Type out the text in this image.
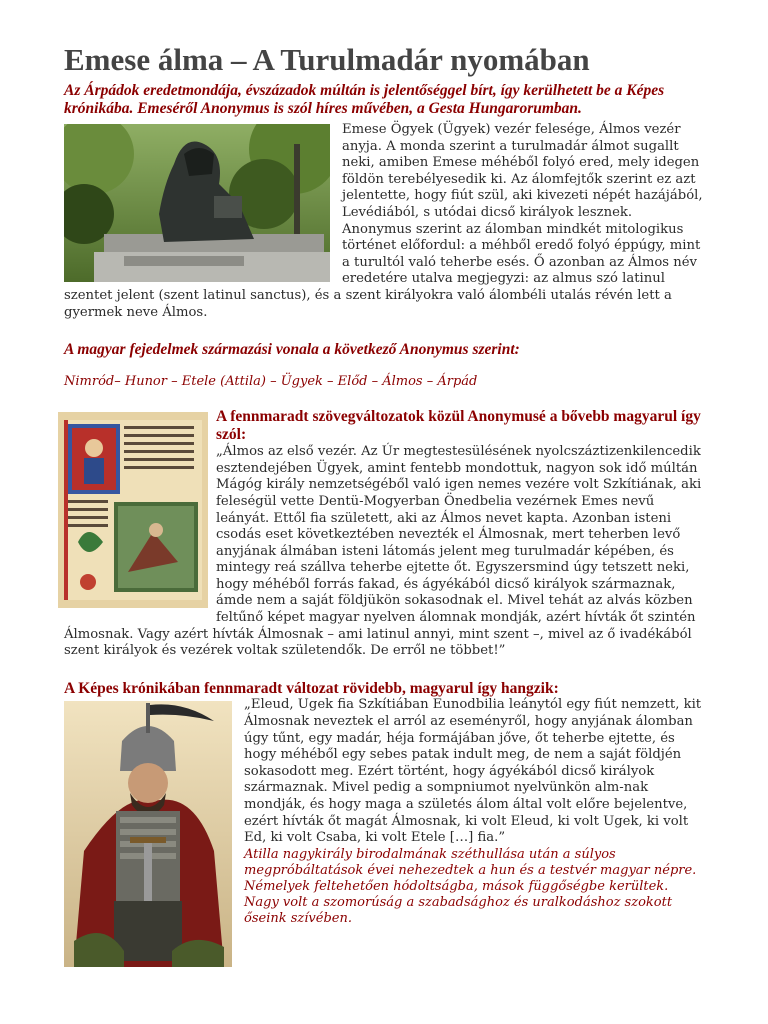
Emese álma – A Turulmadár nyomában

Az Árpádok eredetmondája, évszázadok múltán is jelentőséggel bírt, így kerülhetett be a Képes krónikába. Emeséről Anonymus is szól híres művében, a Gesta Hungarorumban.

Emese Ögyek (Ügyek) vezér felesége, Álmos vezér anyja. A monda szerint a turulmadár álmot sugallt neki, amiben Emese méhéből folyó ered, mely idegen földön terebélyesedik ki. Az álomfejtők szerint ez azt jelentette, hogy fiút szül, aki kivezeti népét hazájából, Levédiából, s utódai dicső királyok lesznek. Anonymus szerint az álomban mindkét mitologikus történet előfordul: a méhből eredő folyó éppúgy, mint a turultól való teherbe esés. Ő azonban az Álmos név eredetére utalva megjegyzi: az almus szó latinul szentet jelent (szent latinul sanctus), és a szent királyokra való álombéli utalás révén lett a gyermek neve Álmos.

A magyar fejedelmek származási vonala a következő Anonymus szerint:

Nimród– Hunor – Etele (Attila) – Ügyek – Előd – Álmos – Árpád

A fennmaradt szövegváltozatok közül Anonymusé a bővebb magyarul így szól:

„Álmos az első vezér. Az Úr megtestesülésének nyolcszáztizenkilencedik esztendejében Ügyek, amint fentebb mondottuk, nagyon sok idő múltán Mágóg király nemzetségéből való igen nemes vezére volt Szkítiának, aki feleségül vette Dentü-Mogyerban Önedbelia vezérnek Emes nevű leányát. Ettől fia született, aki az Álmos nevet kapta. Azonban isteni csodás eset következtében nevezték el Álmosnak, mert teherben levő anyjának álmában isteni látomás jelent meg turulmadár képében, és mintegy reá szállva teherbe ejtette őt. Egyszersmind úgy tetszett neki, hogy méhéből forrás fakad, és ágyékából dicső királyok származnak, ámde nem a saját földjükön sokasodnak el. Mivel tehát az alvás közben feltűnő képet magyar nyelven álomnak mondják, azért hívták őt szintén Álmosnak. Vagy azért hívták Álmosnak – ami latinul annyi, mint szent –, mivel az ő ivadékából szent királyok és vezérek voltak születendők. De erről ne többet!”

A Képes krónikában fennmaradt változat rövidebb, magyarul így hangzik:

„Eleud, Ugek fia Szkítiában Eunodbilia leánytól egy fiút nemzett, kit Álmosnak neveztek el arról az eseményről, hogy anyjának álomban úgy tűnt, egy madár, héja formájában jőve, őt teherbe ejtette, és hogy méhéből egy sebes patak indult meg, de nem a saját földjén sokasodott meg. Ezért történt, hogy ágyékából dicső királyok származnak. Mivel pedig a sompniumot nyelvünkön alm-nak mondják, és hogy maga a születés álom által volt előre bejelentve, ezért hívták őt magát Álmosnak, ki volt Eleud, ki volt Ugek, ki volt Ed, ki volt Csaba, ki volt Etele […] fia.”

Atilla nagykirály birodalmának széthullása után a súlyos megpróbáltatások évei nehezedtek a hun és a testvér magyar népre. Némelyek feltehetően hódoltságba, mások függőségbe kerültek. Nagy volt a szomorúság a szabadsághoz és uralkodáshoz szokott őseink szívében.
